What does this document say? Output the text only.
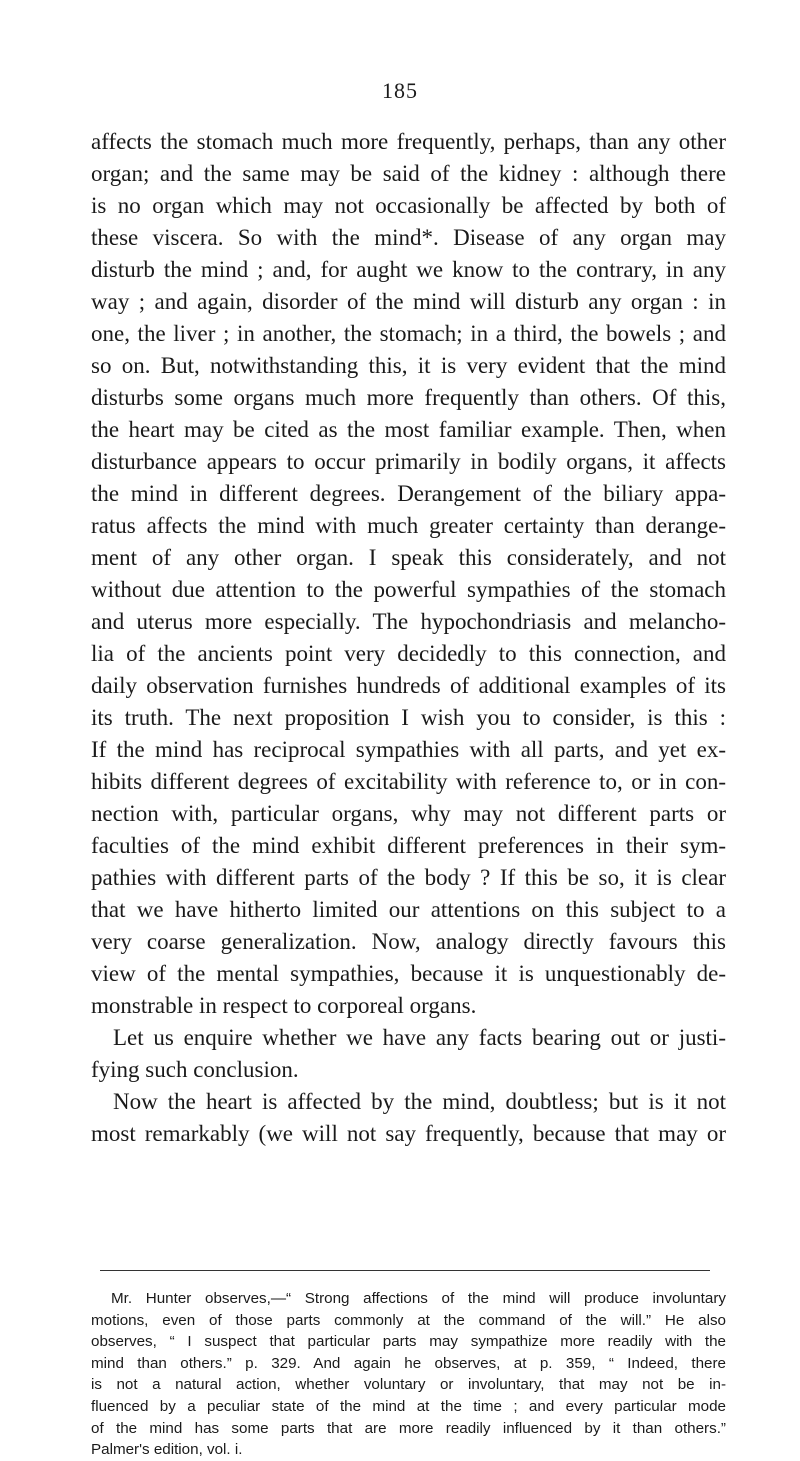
185
affects the stomach much more frequently, perhaps, than any other
organ; and the same may be said of the kidney : although there
is no organ which may not occasionally be affected by both of
these viscera. So with the mind*. Disease of any organ may
disturb the mind ; and, for aught we know to the contrary, in any
way ; and again, disorder of the mind will disturb any organ : in
one, the liver ; in another, the stomach; in a third, the bowels ; and
so on. But, notwithstanding this, it is very evident that the mind
disturbs some organs much more frequently than others. Of this,
the heart may be cited as the most familiar example. Then, when
disturbance appears to occur primarily in bodily organs, it affects
the mind in different degrees. Derangement of the biliary appa-
ratus affects the mind with much greater certainty than derange-
ment of any other organ. I speak this considerately, and not
without due attention to the powerful sympathies of the stomach
and uterus more especially. The hypochondriasis and melancho-
lia of the ancients point very decidedly to this connection, and
daily observation furnishes hundreds of additional examples of its
its truth. The next proposition I wish you to consider, is this :
If the mind has reciprocal sympathies with all parts, and yet ex-
hibits different degrees of excitability with reference to, or in con-
nection with, particular organs, why may not different parts or
faculties of the mind exhibit different preferences in their sym-
pathies with different parts of the body ? If this be so, it is clear
that we have hitherto limited our attentions on this subject to a
very coarse generalization. Now, analogy directly favours this
view of the mental sympathies, because it is unquestionably de-
monstrable in respect to corporeal organs.
Let us enquire whether we have any facts bearing out or justi-
fying such conclusion.
Now the heart is affected by the mind, doubtless; but is it not
most remarkably (we will not say frequently, because that may or
Mr. Hunter observes,—“ Strong affections of the mind will produce involuntary
motions, even of those parts commonly at the command of the will.” He also
observes, “ I suspect that particular parts may sympathize more readily with the
mind than others.” p. 329. And again he observes, at p. 359, “ Indeed, there
is not a natural action, whether voluntary or involuntary, that may not be in-
fluenced by a peculiar state of the mind at the time ; and every particular mode
of the mind has some parts that are more readily influenced by it than others.”
Palmer's edition, vol. i.
